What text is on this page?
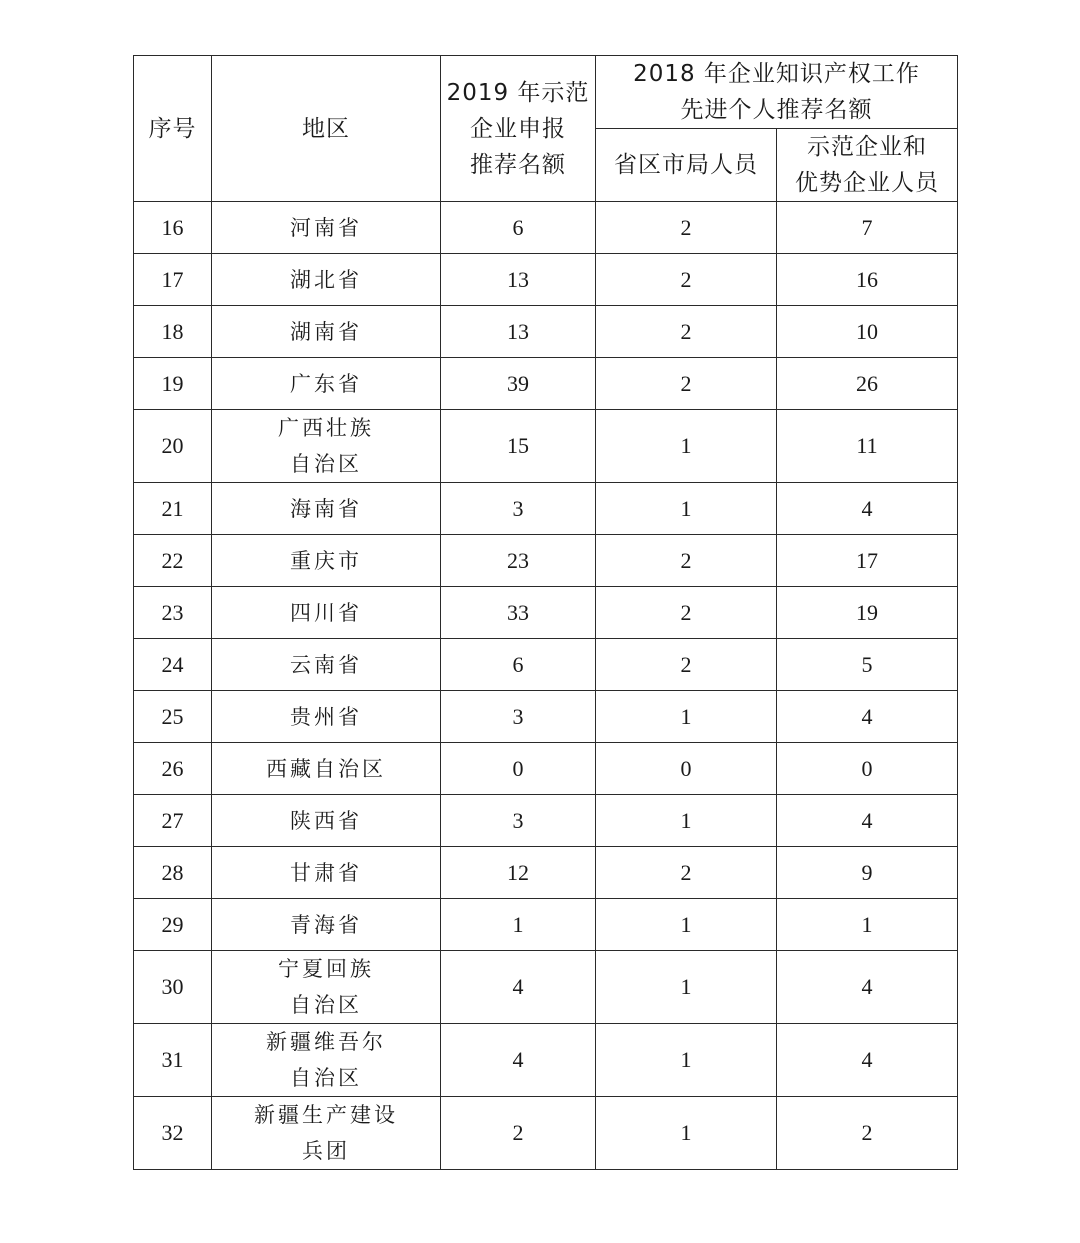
序号	地区	2019 年示范
企业申报
推荐名额	2018 年企业知识产权工作
先进个人推荐名额	

			省区市局人员	示范企业和
优势企业人员

16	河南省	6	2	7
17	湖北省	13	2	16
18	湖南省	13	2	10
19	广东省	39	2	26
20	广西壮族
自治区	15	1	11
21	海南省	3	1	4
22	重庆市	23	2	17
23	四川省	33	2	19
24	云南省	6	2	5
25	贵州省	3	1	4
26	西藏自治区	0	0	0
27	陕西省	3	1	4
28	甘肃省	12	2	9
29	青海省	1	1	1
30	宁夏回族
自治区	4	1	4
31	新疆维吾尔
自治区	4	1	4
32	新疆生产建设
兵团	2	1	2
